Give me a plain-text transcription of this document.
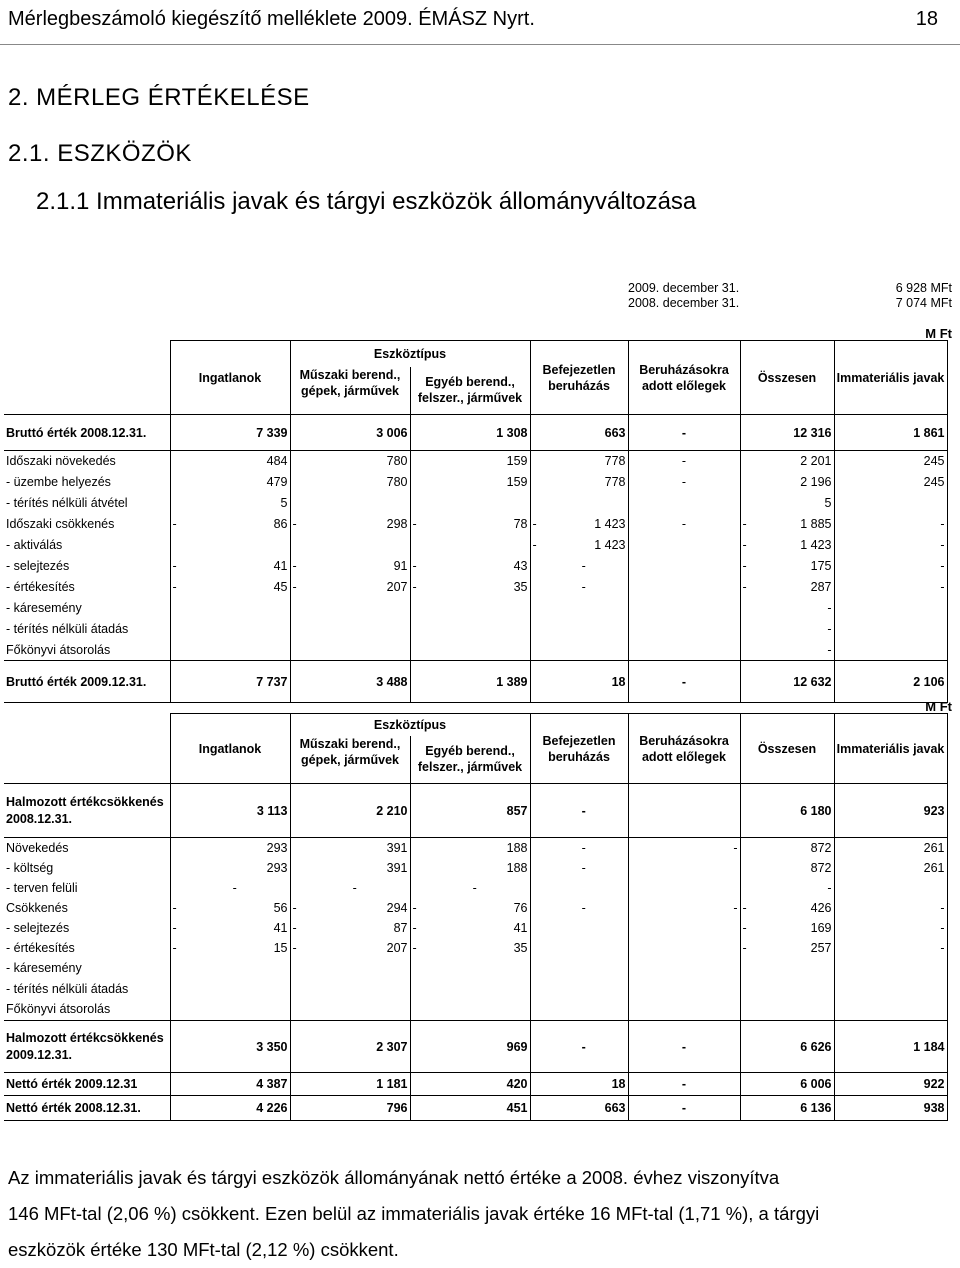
Mérlegbeszámoló kiegészítő melléklete 2009. ÉMÁSZ Nyrt.	18
2. MÉRLEG ÉRTÉKELÉSE
2.1. ESZKÖZÖK
2.1.1 Immateriális javak és tárgyi eszközök állományváltozása
2009. december 31.	6 928 MFt
2008. december 31.	7 074 MFt
M Ft
	Ingatlanok		Eszköztípus				Befejezetlen beruházás		Beruházásokra adott előlegek	Összesen		Immateriális javak
			Műszaki berend., gépek, járművek		Egyéb berend., felszer., járművek							

Bruttó érték 2008.12.31.		7 339		3 006		1 308		663	-		12 316	1 861
Időszaki növekedés		484		780		159		778	-		2 201	245
- üzembe helyezés		479		780		159		778	-		2 196	245
- térítés nélküli átvétel		5									5	
Időszaki csökkenés	-	86	-	298	-	78	-	1 423	-	-	1 885	-
- aktiválás							-	1 423		-	1 423	-
- selejtezés	-	41	-	91	-	43		-		-	175	-
- értékesítés	-	45	-	207	-	35		-		-	287	-
- káresemény											-	
- térítés nélküli átadás											-	
Főkönyvi átsorolás											-	
Bruttó érték 2009.12.31.		7 737		3 488		1 389		18	-		12 632	2 106
M Ft
	Ingatlanok		Eszköztípus				Befejezetlen beruházás		Beruházásokra adott előlegek	Összesen		Immateriális javak
			Műszaki berend., gépek, járművek		Egyéb berend., felszer., járművek							

Halmozott értékcsökkenés 2008.12.31.		3 113		2 210		857		-			6 180	923
Növekedés		293		391		188		-	-		872	261
- költség		293		391		188		-			872	261
- terven felüli		-		-		-					-	
Csökkenés	-	56	-	294	-	76		-	-	-	426	-
- selejtezés	-	41	-	87	-	41				-	169	-
- értékesítés	-	15	-	207	-	35				-	257	-
- káresemény												
- térítés nélküli átadás												
Főkönyvi átsorolás												
Halmozott értékcsökkenés 2009.12.31.		3 350		2 307		969		-	-		6 626	1 184
Nettó érték 2009.12.31		4 387		1 181		420		18	-		6 006	922
Nettó érték 2008.12.31.		4 226		796		451		663	-		6 136	938
Az immateriális javak és tárgyi eszközök állományának nettó értéke a 2008. évhez viszonyítva
146 MFt-tal (2,06 %) csökkent. Ezen belül az immateriális javak értéke 16 MFt-tal (1,71 %), a tárgyi
eszközök értéke 130 MFt-tal (2,12 %) csökkent.
